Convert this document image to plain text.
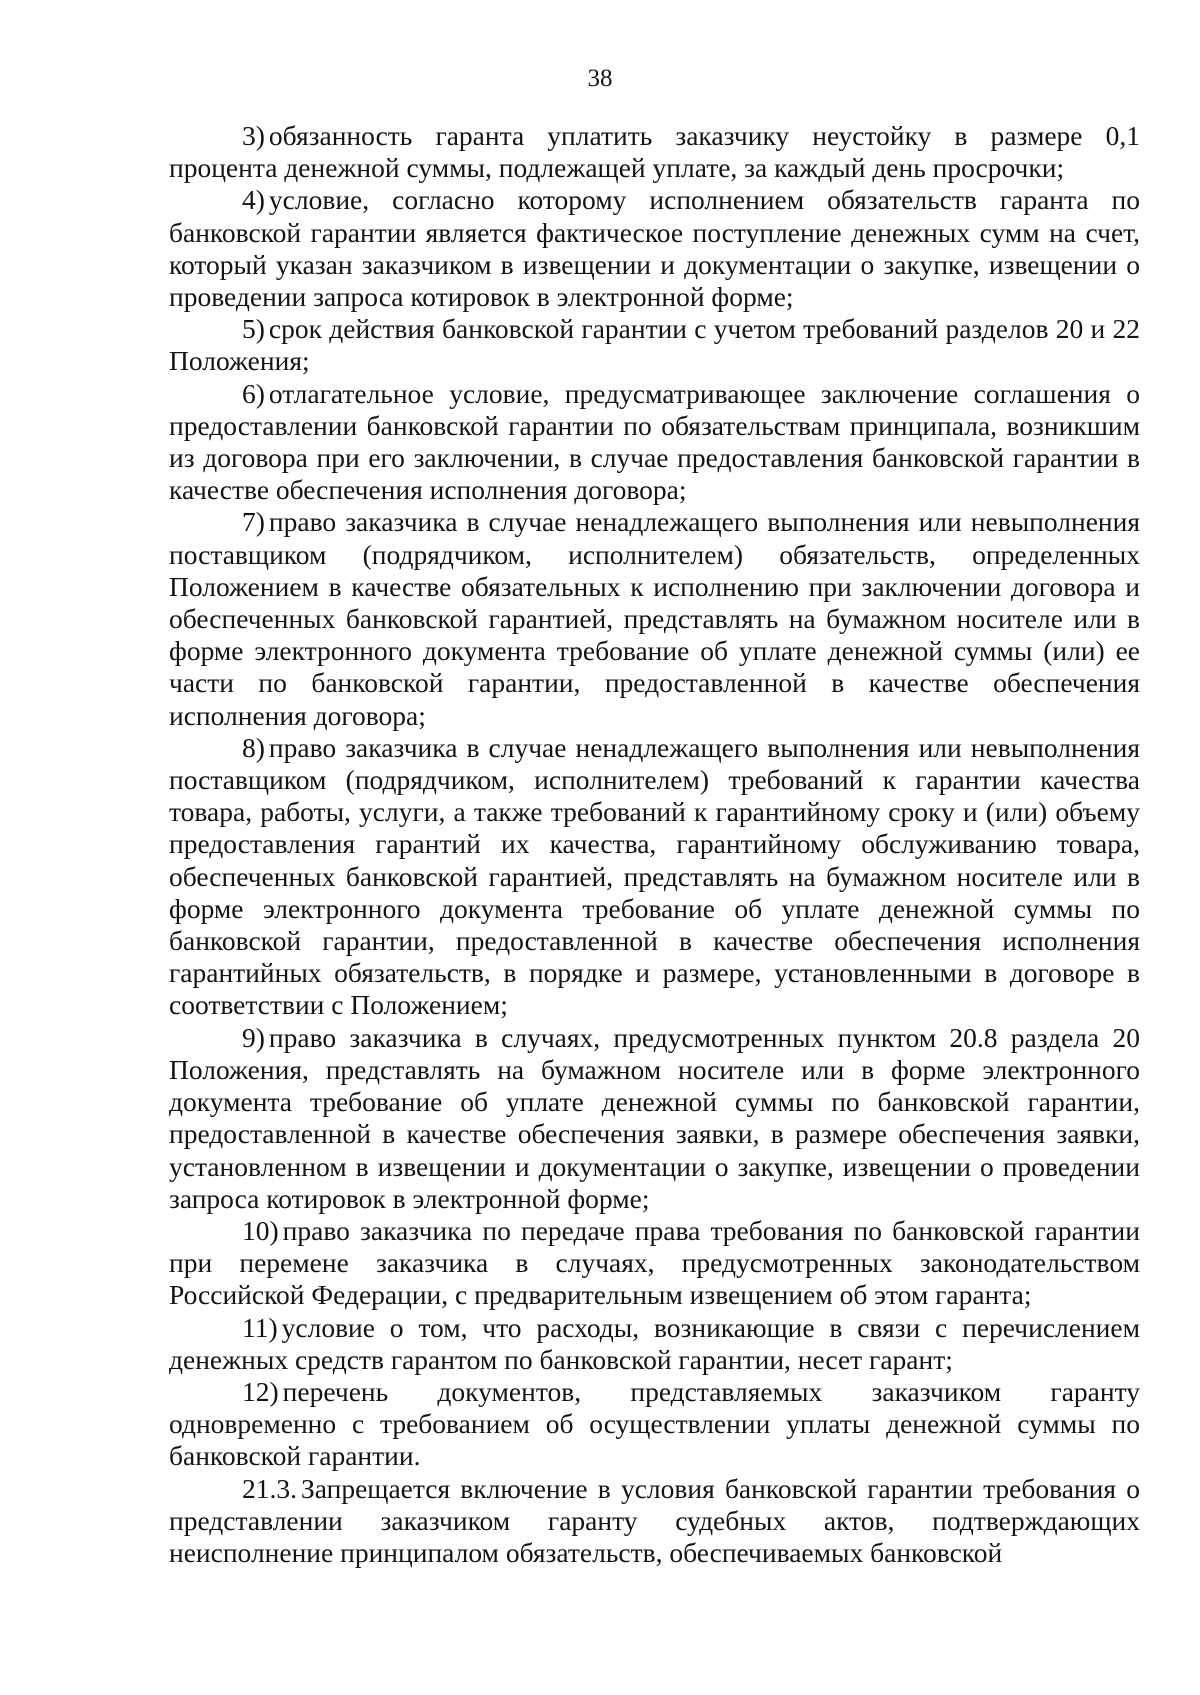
38

3) обязанность гаранта уплатить заказчику неустойку в размере 0,1 процента денежной суммы, подлежащей уплате, за каждый день просрочки;

4) условие, согласно которому исполнением обязательств гаранта по банковской гарантии является фактическое поступление денежных сумм на счет, который указан заказчиком в извещении и документации о закупке, извещении о проведении запроса котировок в электронной форме;

5) срок действия банковской гарантии с учетом требований разделов 20 и 22 Положения;

6) отлагательное условие, предусматривающее заключение соглашения о предоставлении банковской гарантии по обязательствам принципала, возникшим из договора при его заключении, в случае предоставления банковской гарантии в качестве обеспечения исполнения договора;

7) право заказчика в случае ненадлежащего выполнения или невыполнения поставщиком (подрядчиком, исполнителем) обязательств, определенных Положением в качестве обязательных к исполнению при заключении договора и обеспеченных банковской гарантией, представлять на бумажном носителе или в форме электронного документа требование об уплате денежной суммы (или) ее части по банковской гарантии, предоставленной в качестве обеспечения исполнения договора;

8) право заказчика в случае ненадлежащего выполнения или невыполнения поставщиком (подрядчиком, исполнителем) требований к гарантии качества товара, работы, услуги, а также требований к гарантийному сроку и (или) объему предоставления гарантий их качества, гарантийному обслуживанию товара, обеспеченных банковской гарантией, представлять на бумажном носителе или в форме электронного документа требование об уплате денежной суммы по банковской гарантии, предоставленной в качестве обеспечения исполнения гарантийных обязательств, в порядке и размере, установленными в договоре в соответствии с Положением;

9) право заказчика в случаях, предусмотренных пунктом 20.8 раздела 20 Положения, представлять на бумажном носителе или в форме электронного документа требование об уплате денежной суммы по банковской гарантии, предоставленной в качестве обеспечения заявки, в размере обеспечения заявки, установленном в извещении и документации о закупке, извещении о проведении запроса котировок в электронной форме;

10) право заказчика по передаче права требования по банковской гарантии при перемене заказчика в случаях, предусмотренных законодательством Российской Федерации, с предварительным извещением об этом гаранта;

11) условие о том, что расходы, возникающие в связи с перечислением денежных средств гарантом по банковской гарантии, несет гарант;

12) перечень документов, представляемых заказчиком гаранту одновременно с требованием об осуществлении уплаты денежной суммы по банковской гарантии.

21.3. Запрещается включение в условия банковской гарантии требования о представлении заказчиком гаранту судебных актов, подтверждающих неисполнение принципалом обязательств, обеспечиваемых банковской
